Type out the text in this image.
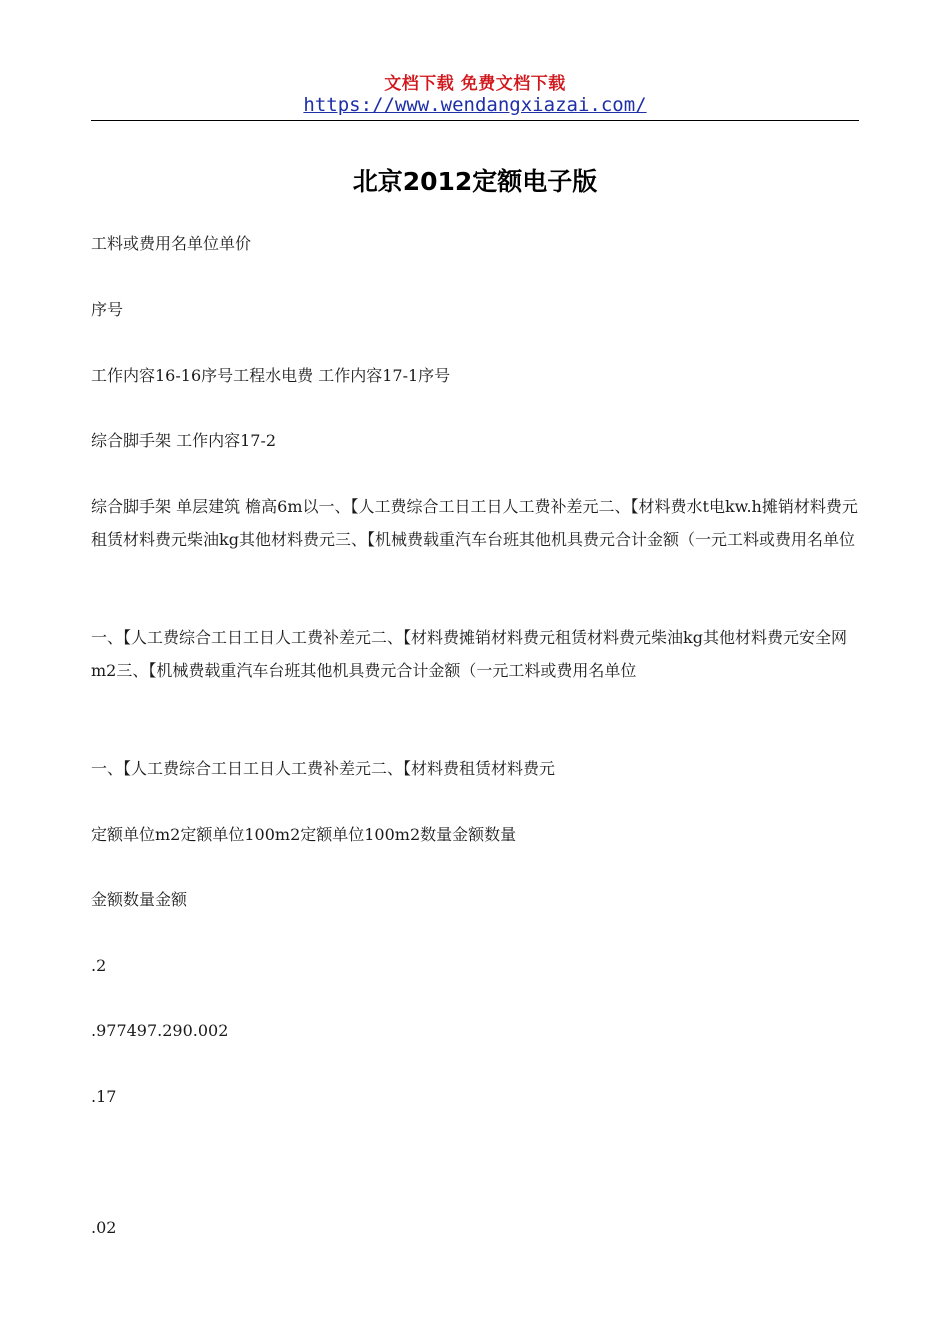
文档下载 免费文档下载
https://www.wendangxiazai.com/
北京2012定额电子版

工料或费用名单位单价

序号

工作内容16-16序号工程水电费 工作内容17-1序号

综合脚手架 工作内容17-2

综合脚手架 单层建筑 檐高6m以一、【人工费综合工日工日人工费补差元二、【材料费水t电kw.h摊销材料费元租赁材料费元柴油kg其他材料费元三、【机械费载重汽车台班其他机具费元合计金额（一元工料或费用名单位

一、【人工费综合工日工日人工费补差元二、【材料费摊销材料费元租赁材料费元柴油kg其他材料费元安全网m2三、【机械费载重汽车台班其他机具费元合计金额（一元工料或费用名单位

一、【人工费综合工日工日人工费补差元二、【材料费租赁材料费元

定额单位m2定额单位100m2定额单位100m2数量金额数量

金额数量金额

.2

.977497.290.002

.17

.02
